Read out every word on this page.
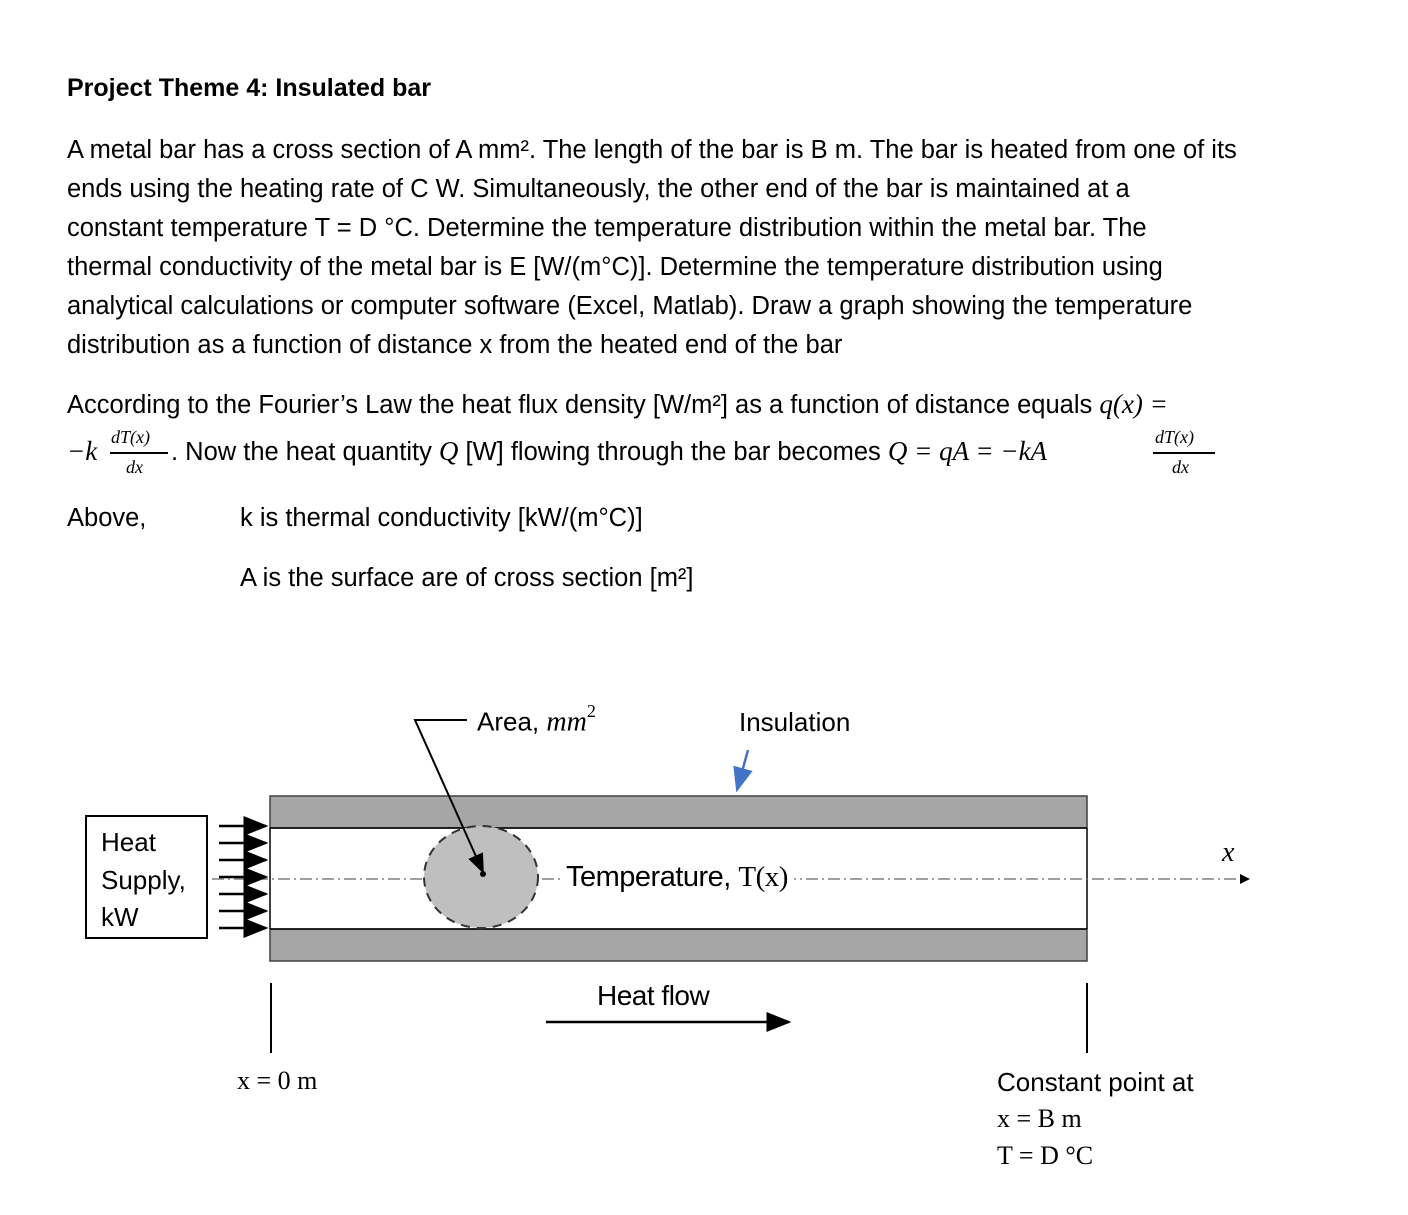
Project Theme 4: Insulated bar
A metal bar has a cross section of A mm². The length of the bar is B m. The bar is heated from one of its
ends using the heating rate of C W. Simultaneously, the other end of the bar is maintained at a
constant temperature T = D °C. Determine the temperature distribution within the metal bar. The
thermal conductivity of the metal bar is E [W/(m°C)]. Determine the temperature distribution using
analytical calculations or computer software (Excel, Matlab). Draw a graph showing the temperature
distribution as a function of distance x from the heated end of the bar
According to the Fourier’s Law the heat flux density [W/m²] as a function of distance equals q(x) =
−k dT(x)
dx
. Now the heat quantity Q [W] flowing through the bar becomes Q = qA = −kA	dT(x)
dx
Above,	k is thermal conductivity [kW/(m°C)]
A is the surface are of cross section [m²]
Area, $mm^2$	Insulation
Heat
Supply,
kW
Temperature, T(x)
x
Heat flow
x = 0 m	Constant point at
x = B m
T = D °C
